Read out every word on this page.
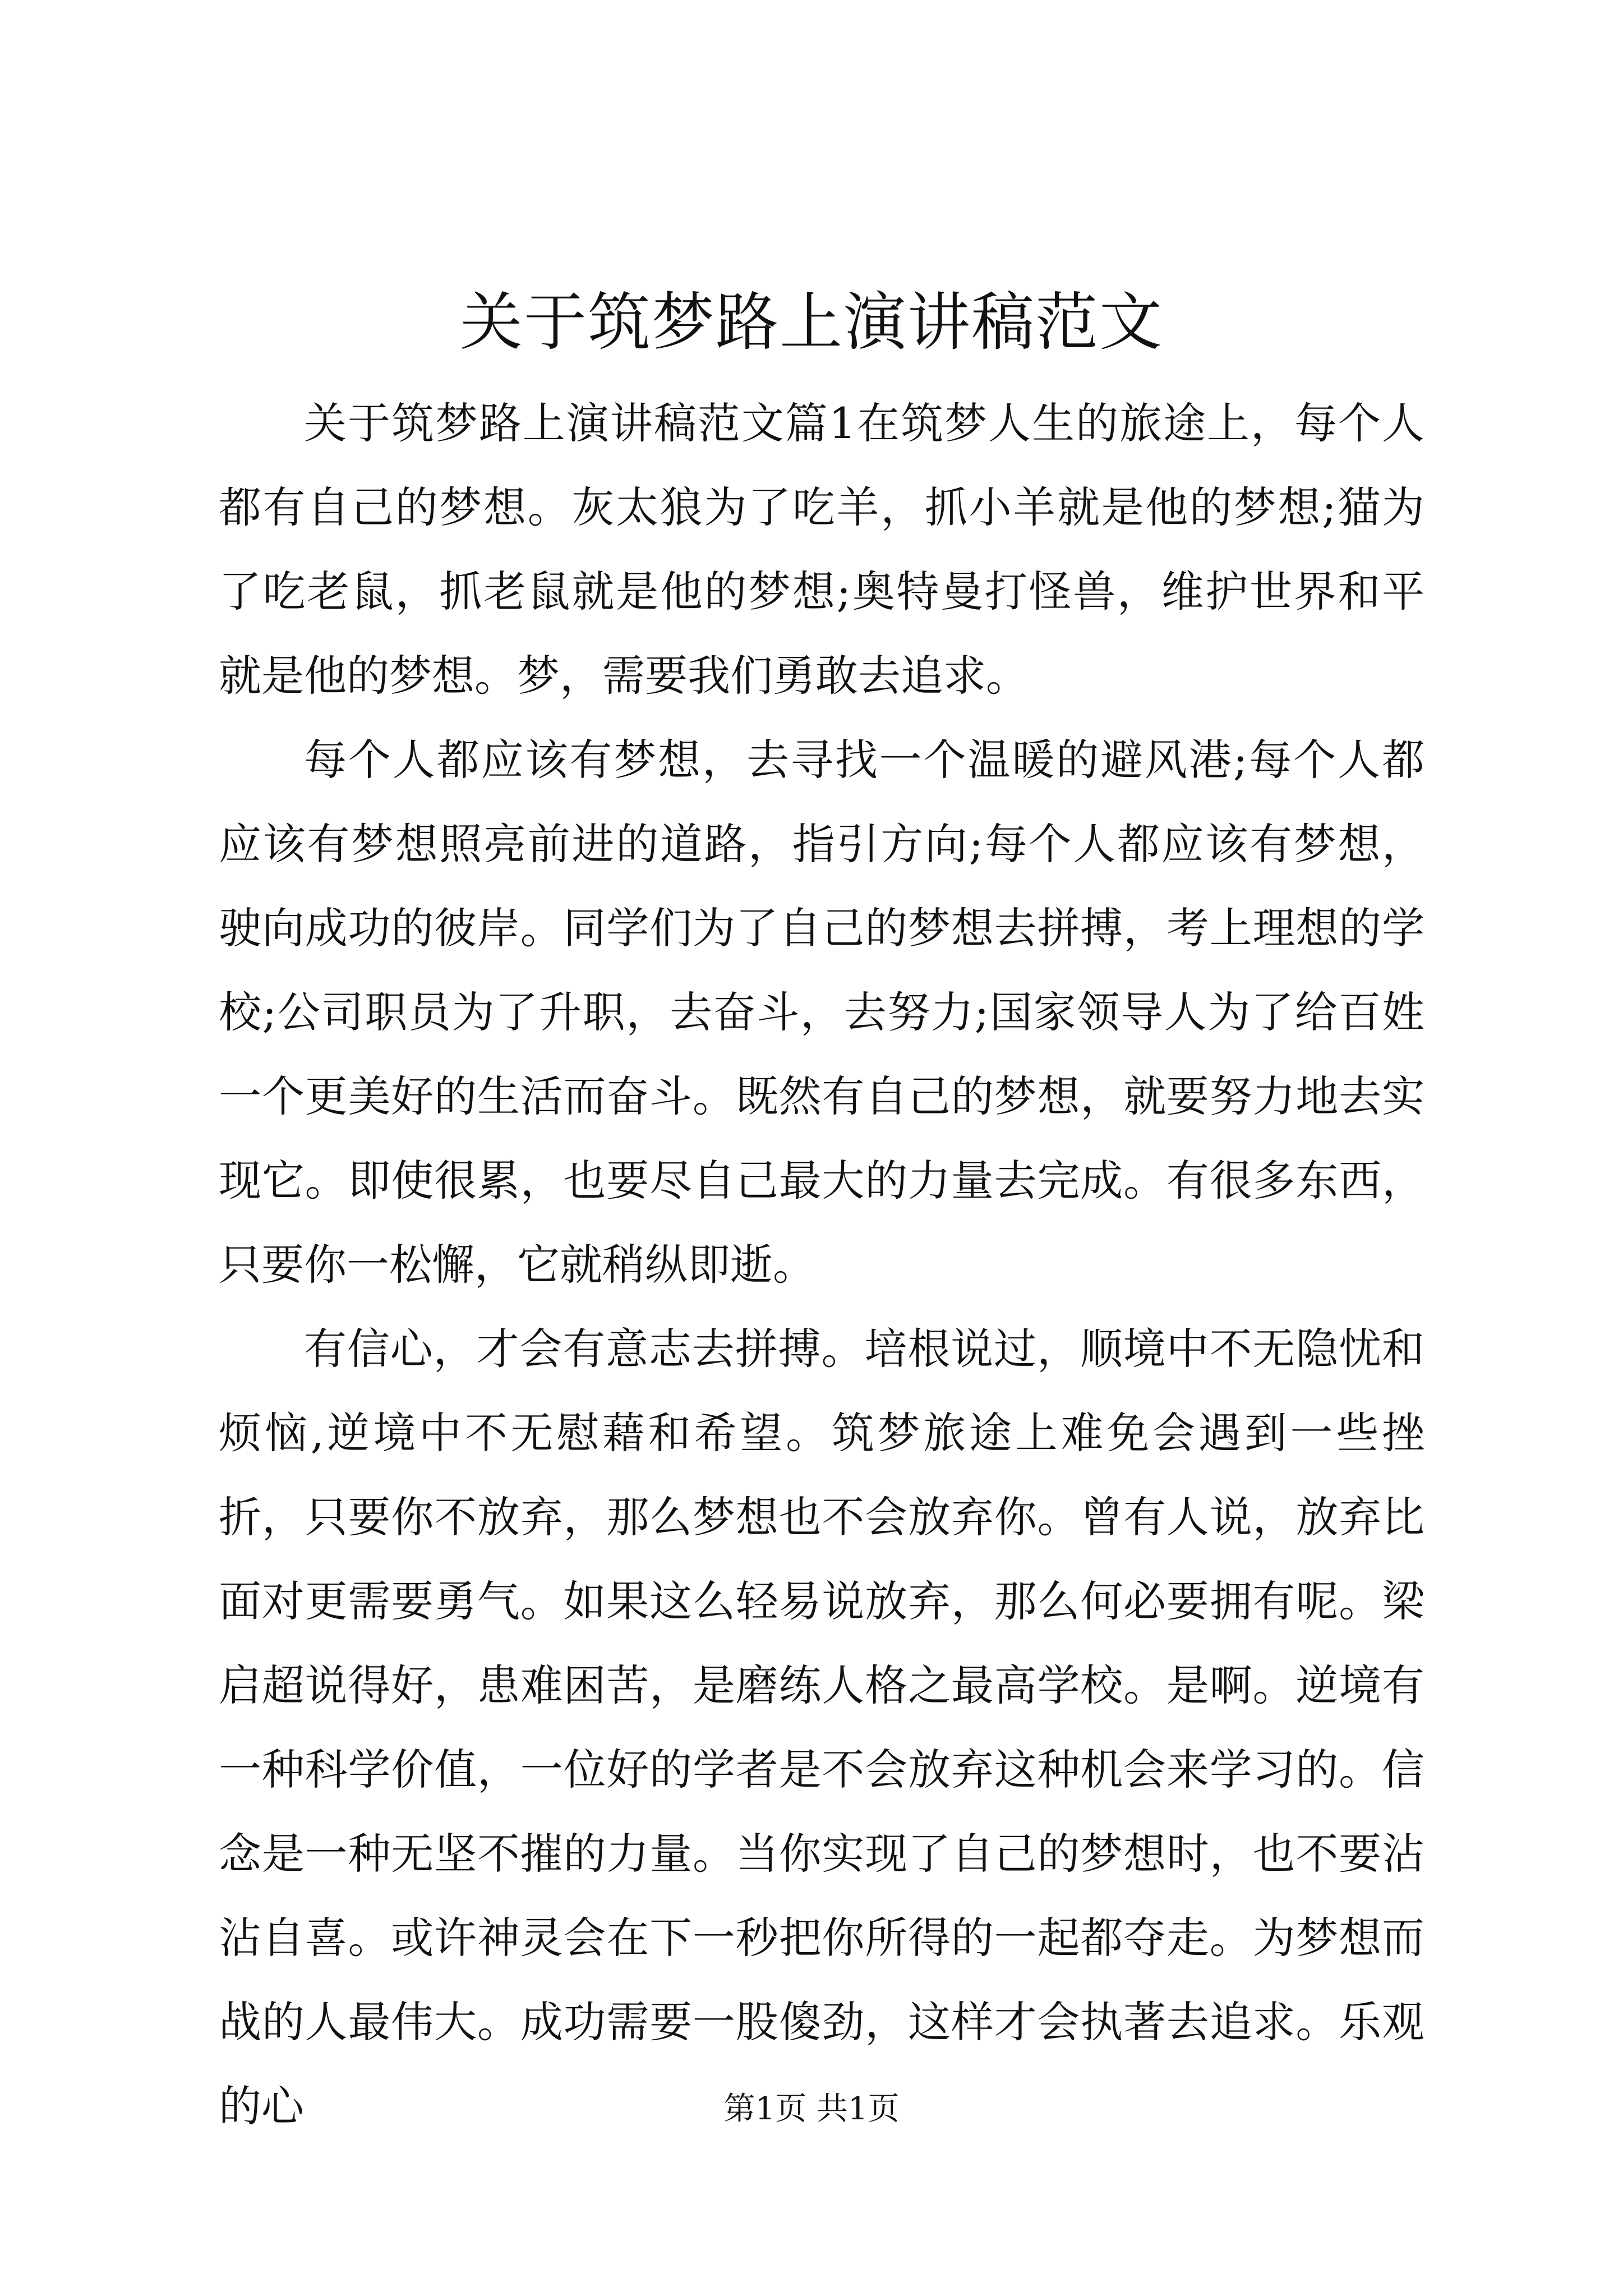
关于筑梦路上演讲稿范文

关于筑梦路上演讲稿范文篇1在筑梦人生的旅途上，每个人都有自己的梦想。灰太狼为了吃羊，抓小羊就是他的梦想;猫为了吃老鼠，抓老鼠就是他的梦想;奥特曼打怪兽，维护世界和平就是他的梦想。梦，需要我们勇敢去追求。

每个人都应该有梦想，去寻找一个温暖的避风港;每个人都应该有梦想照亮前进的道路，指引方向;每个人都应该有梦想，驶向成功的彼岸。同学们为了自己的梦想去拼搏，考上理想的学校;公司职员为了升职，去奋斗，去努力;国家领导人为了给百姓一个更美好的生活而奋斗。既然有自己的梦想，就要努力地去实现它。即使很累，也要尽自己最大的力量去完成。有很多东西，只要你一松懈，它就稍纵即逝。

有信心，才会有意志去拼搏。培根说过，顺境中不无隐忧和烦恼,逆境中不无慰藉和希望。筑梦旅途上难免会遇到一些挫折，只要你不放弃，那么梦想也不会放弃你。曾有人说，放弃比面对更需要勇气。如果这么轻易说放弃，那么何必要拥有呢。梁启超说得好，患难困苦，是磨练人格之最高学校。是啊。逆境有一种科学价值，一位好的学者是不会放弃这种机会来学习的。信念是一种无坚不摧的力量。当你实现了自己的梦想时，也不要沾沾自喜。或许神灵会在下一秒把你所得的一起都夺走。为梦想而战的人最伟大。成功需要一股傻劲，这样才会执著去追求。乐观的心	第1页 共1页
